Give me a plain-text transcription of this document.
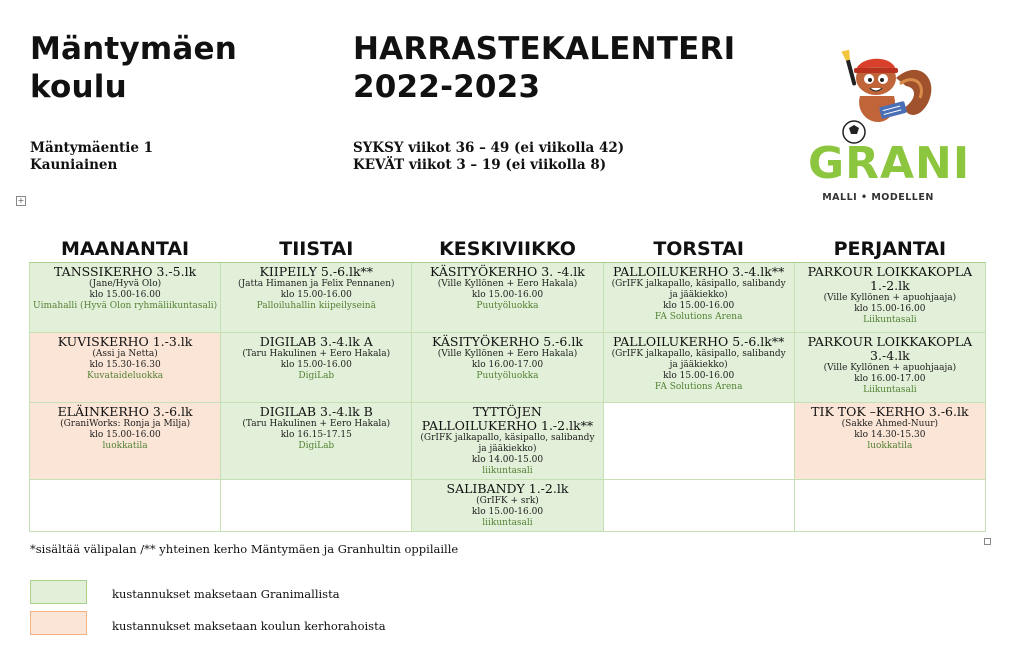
Mäntymäen
koulu
HARRASTEKALENTERI
2022-2023
Mäntymäentie 1
Kauniainen
SYKSY viikot 36 – 49 (ei viikolla 42)
KEVÄT viikot 3 – 19 (ei viikolla 8)
+
GRANI
MALLI • MODELLEN
MAANANTAI	TIISTAI	KESKIVIIKKO	TORSTAI	PERJANTAI

TANSSIKERHO 3.-5.lk
(Jane/Hyvä Olo)
klo 15.00-16.00
Uimahalli (Hyvä Olon ryhmäliikuntasali)	KIIPEILY 5.-6.lk**
(Jatta Himanen ja Felix Pennanen)
klo 15.00-16.00
Palloiluhallin kiipeilyseinä	KÄSITYÖKERHO 3. -4.lk
(Ville Kyllönen + Eero Hakala)
klo 15.00-16.00
Puutyöluokka	PALLOILUKERHO 3.-4.lk**
(GrIFK jalkapallo, käsipallo, salibandy ja jääkiekko)
klo 15.00-16.00
FA Solutions Arena	PARKOUR LOIKKAKOPLA 1.-2.lk
(Ville Kyllönen + apuohjaaja)
klo 15.00-16.00
Liikuntasali

KUVISKERHO 1.-3.lk
(Assi ja Netta)
klo 15.30-16.30
Kuvataideluokka	DIGILAB 3.-4.lk A
(Taru Hakulinen + Eero Hakala)
klo 15.00-16.00
DigiLab	KÄSITYÖKERHO 5.-6.lk
(Ville Kyllönen + Eero Hakala)
klo 16.00-17.00
Puutyöluokka	PALLOILUKERHO 5.-6.lk**
(GrIFK jalkapallo, käsipallo, salibandy ja jääkiekko)
klo 15.00-16.00
FA Solutions Arena	PARKOUR LOIKKAKOPLA 3.-4.lk
(Ville Kyllönen + apuohjaaja)
klo 16.00-17.00
Liikuntasali

ELÄINKERHO 3.-6.lk
(GraniWorks: Ronja ja Milja)
klo 15.00-16.00
luokkatila	DIGILAB 3.-4.lk B
(Taru Hakulinen + Eero Hakala)
klo 16.15-17.15
DigiLab	TYTTÖJEN PALLOILUKERHO 1.-2.lk**
(GrIFK jalkapallo, käsipallo, salibandy ja jääkiekko)
klo 14.00-15.00
liikuntasali		TIK TOK –KERHO 3.-6.lk
(Sakke Ahmed-Nuur)
klo 14.30-15.30
luokkatila

		SALIBANDY 1.-2.lk
(GrIFK + srk)
klo 15.00-16.00
liikuntasali		

*sisältää välipalan /** yhteinen kerho Mäntymäen ja Granhultin oppilaille
kustannukset maksetaan Granimallista
kustannukset maksetaan koulun kerhorahoista
